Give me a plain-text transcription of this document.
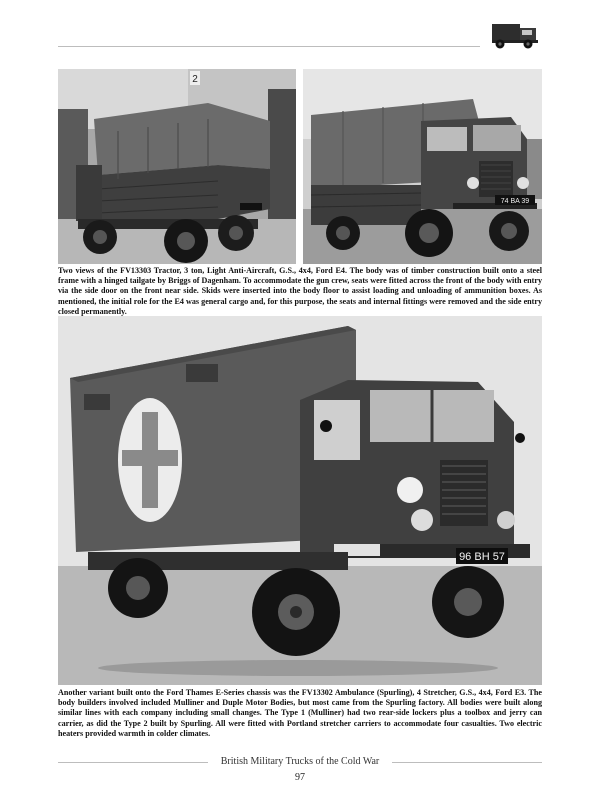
2
74 BA 39

Two views of the FV13303 Tractor, 3 ton, Light Anti-Aircraft, G.S., 4x4, Ford E4. The body was of timber construction built onto a steel frame with a hinged tailgate by Briggs of Dagenham. To accommodate the gun crew, seats were fitted across the front of the body with entry via the side door on the front near side. Skids were inserted into the body floor to assist loading and unloading of ammunition boxes. As mentioned, the initial role for the E4 was general cargo and, for this purpose, the seats and internal fittings were removed and the side entry closed permanently.

96 BH 57

Another variant built onto the Ford Thames E-Series chassis was the FV13302 Ambulance (Spurling), 4 Stretcher, G.S., 4x4, Ford E3. The body builders involved included Mulliner and Duple Motor Bodies, but most came from the Spurling factory. All bodies were built along similar lines with each company including small changes. The Type 1 (Mulliner) had two rear-side lockers plus a toolbox and jerry can carrier, as did the Type 2 built by Spurling. All were fitted with Portland stretcher carriers to accommodate four casualties. Two electric heaters provided warmth in colder climates.

British Military Trucks of the Cold War
97
